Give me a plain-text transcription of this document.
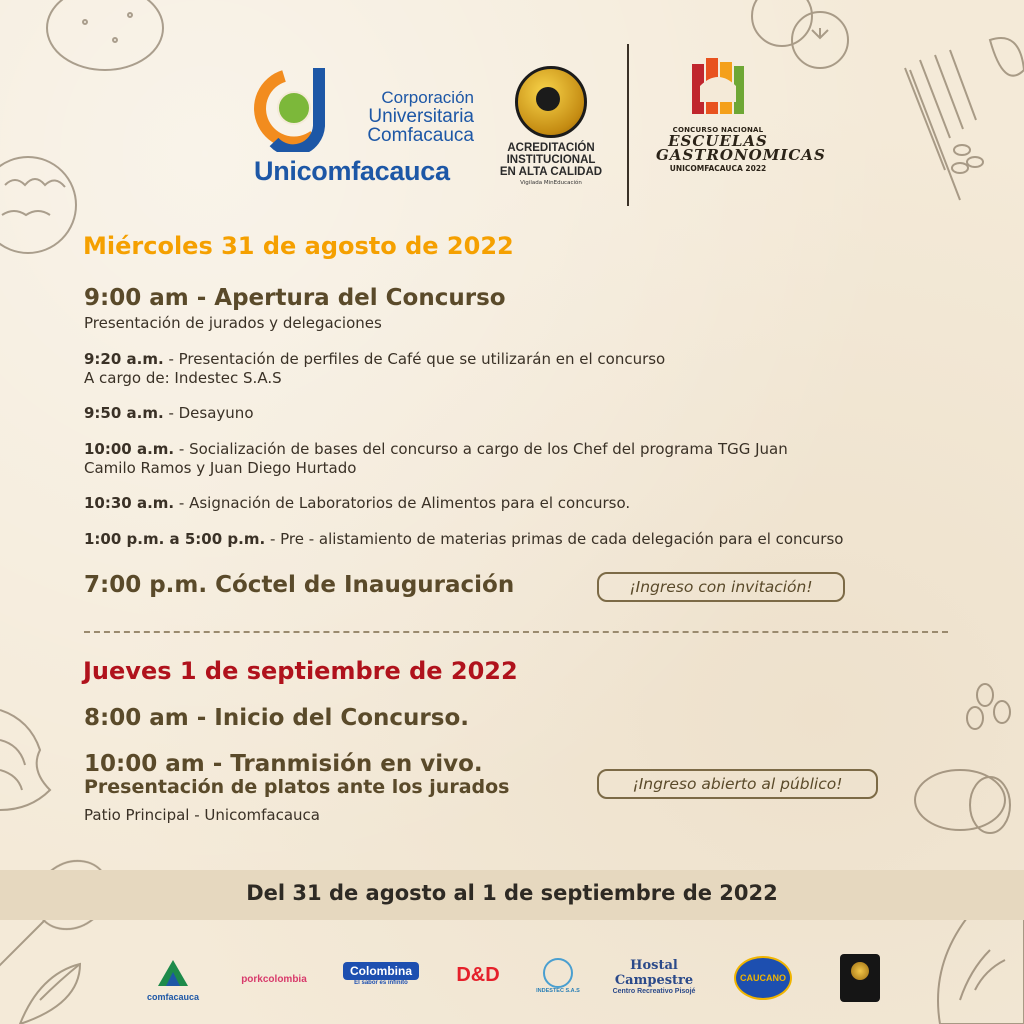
Corporación
Universitaria
Comfacauca
Unicomfacauca
ACREDITACIÓN
INSTITUCIONAL
EN ALTA CALIDAD
Vigilada MinEducación
CONCURSO NACIONAL
ESCUELAS
GASTRONOMICAS
UNICOMFACAUCA 2022
Miércoles 31 de agosto de 2022
9:00 am - Apertura del Concurso
Presentación de jurados y delegaciones
9:20 a.m. - Presentación de perfiles de Café que se utilizarán en el concurso
A cargo de: Indestec S.A.S
9:50 a.m. - Desayuno
10:00 a.m. - Socialización de bases del concurso a cargo de los Chef del programa TGG Juan
Camilo Ramos y Juan Diego Hurtado
10:30 a.m. - Asignación de Laboratorios de Alimentos para el concurso.
1:00 p.m. a 5:00 p.m. - Pre - alistamiento de materias primas de cada delegación para el concurso
7:00 p.m. Cóctel de Inauguración	¡Ingreso con invitación!
Jueves 1 de septiembre de 2022
8:00 am - Inicio del Concurso.
10:00 am - Tranmisión en vivo.
Presentación de platos ante los jurados	¡Ingreso abierto al público!
Patio Principal - Unicomfacauca
Del 31 de agosto al 1 de septiembre de 2022
comfacauca
porkcolombia
Colombina
El sabor es infinito	D&D
INDESTEC S.A.S
Hostal Campestre
Centro Recreativo Pisojé
CAUCANO
